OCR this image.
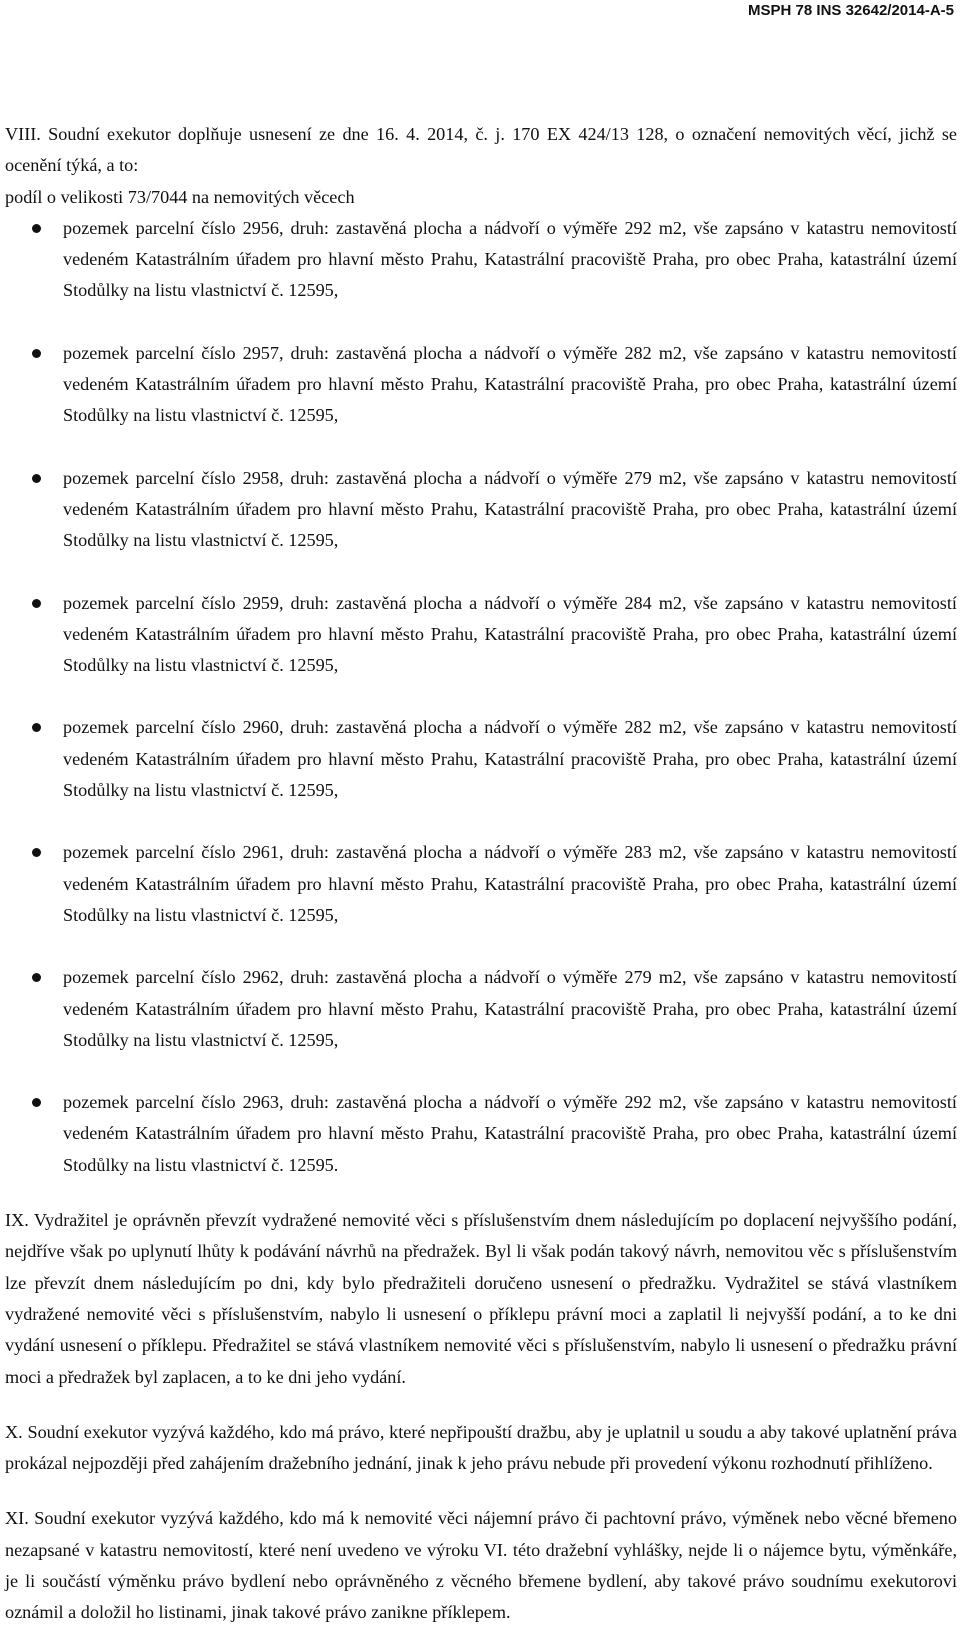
MSPH 78 INS 32642/2014-A-5

VIII. Soudní exekutor doplňuje usnesení ze dne 16. 4. 2014, č. j. 170 EX 424/13 128, o označení nemovitých věcí, jichž se ocenění týká, a to:

podíl o velikosti 73/7044 na nemovitých věcech

pozemek parcelní číslo 2956, druh: zastavěná plocha a nádvoří o výměře 292 m2, vše zapsáno v katastru nemovitostí vedeném Katastrálním úřadem pro hlavní město Prahu, Katastrální pracoviště Praha, pro obec Praha, katastrální území Stodůlky na listu vlastnictví č. 12595,
pozemek parcelní číslo 2957, druh: zastavěná plocha a nádvoří o výměře 282 m2, vše zapsáno v katastru nemovitostí vedeném Katastrálním úřadem pro hlavní město Prahu, Katastrální pracoviště Praha, pro obec Praha, katastrální území Stodůlky na listu vlastnictví č. 12595,
pozemek parcelní číslo 2958, druh: zastavěná plocha a nádvoří o výměře 279 m2, vše zapsáno v katastru nemovitostí vedeném Katastrálním úřadem pro hlavní město Prahu, Katastrální pracoviště Praha, pro obec Praha, katastrální území Stodůlky na listu vlastnictví č. 12595,
pozemek parcelní číslo 2959, druh: zastavěná plocha a nádvoří o výměře 284 m2, vše zapsáno v katastru nemovitostí vedeném Katastrálním úřadem pro hlavní město Prahu, Katastrální pracoviště Praha, pro obec Praha, katastrální území Stodůlky na listu vlastnictví č. 12595,
pozemek parcelní číslo 2960, druh: zastavěná plocha a nádvoří o výměře 282 m2, vše zapsáno v katastru nemovitostí vedeném Katastrálním úřadem pro hlavní město Prahu, Katastrální pracoviště Praha, pro obec Praha, katastrální území Stodůlky na listu vlastnictví č. 12595,
pozemek parcelní číslo 2961, druh: zastavěná plocha a nádvoří o výměře 283 m2, vše zapsáno v katastru nemovitostí vedeném Katastrálním úřadem pro hlavní město Prahu, Katastrální pracoviště Praha, pro obec Praha, katastrální území Stodůlky na listu vlastnictví č. 12595,
pozemek parcelní číslo 2962, druh: zastavěná plocha a nádvoří o výměře 279 m2, vše zapsáno v katastru nemovitostí vedeném Katastrálním úřadem pro hlavní město Prahu, Katastrální pracoviště Praha, pro obec Praha, katastrální území Stodůlky na listu vlastnictví č. 12595,
pozemek parcelní číslo 2963, druh: zastavěná plocha a nádvoří o výměře 292 m2, vše zapsáno v katastru nemovitostí vedeném Katastrálním úřadem pro hlavní město Prahu, Katastrální pracoviště Praha, pro obec Praha, katastrální území Stodůlky na listu vlastnictví č. 12595.

IX. Vydražitel je oprávněn převzít vydražené nemovité věci s příslušenstvím dnem následujícím po doplacení nejvyššího podání, nejdříve však po uplynutí lhůty k podávání návrhů na předražek. Byl li však podán takový návrh, nemovitou věc s příslušenstvím lze převzít dnem následujícím po dni, kdy bylo předražiteli doručeno usnesení o předražku. Vydražitel se stává vlastníkem vydražené nemovité věci s příslušenstvím, nabylo li usnesení o příklepu právní moci a zaplatil li nejvyšší podání, a to ke dni vydání usnesení o příklepu. Předražitel se stává vlastníkem nemovité věci s příslušenstvím, nabylo li usnesení o předražku právní moci a předražek byl zaplacen, a to ke dni jeho vydání.

X. Soudní exekutor vyzývá každého, kdo má právo, které nepřipouští dražbu, aby je uplatnil u soudu a aby takové uplatnění práva prokázal nejpozději před zahájením dražebního jednání, jinak k jeho právu nebude při provedení výkonu rozhodnutí přihlíženo.

XI. Soudní exekutor vyzývá každého, kdo má k nemovité věci nájemní právo či pachtovní právo, výměnek nebo věcné břemeno nezapsané v katastru nemovitostí, které není uvedeno ve výroku VI. této dražební vyhlášky, nejde li o nájemce bytu, výměnkáře, je li součástí výměnku právo bydlení nebo oprávněného z věcného břemene bydlení, aby takové právo soudnímu exekutorovi oznámil a doložil ho listinami, jinak takové právo zanikne příklepem.
